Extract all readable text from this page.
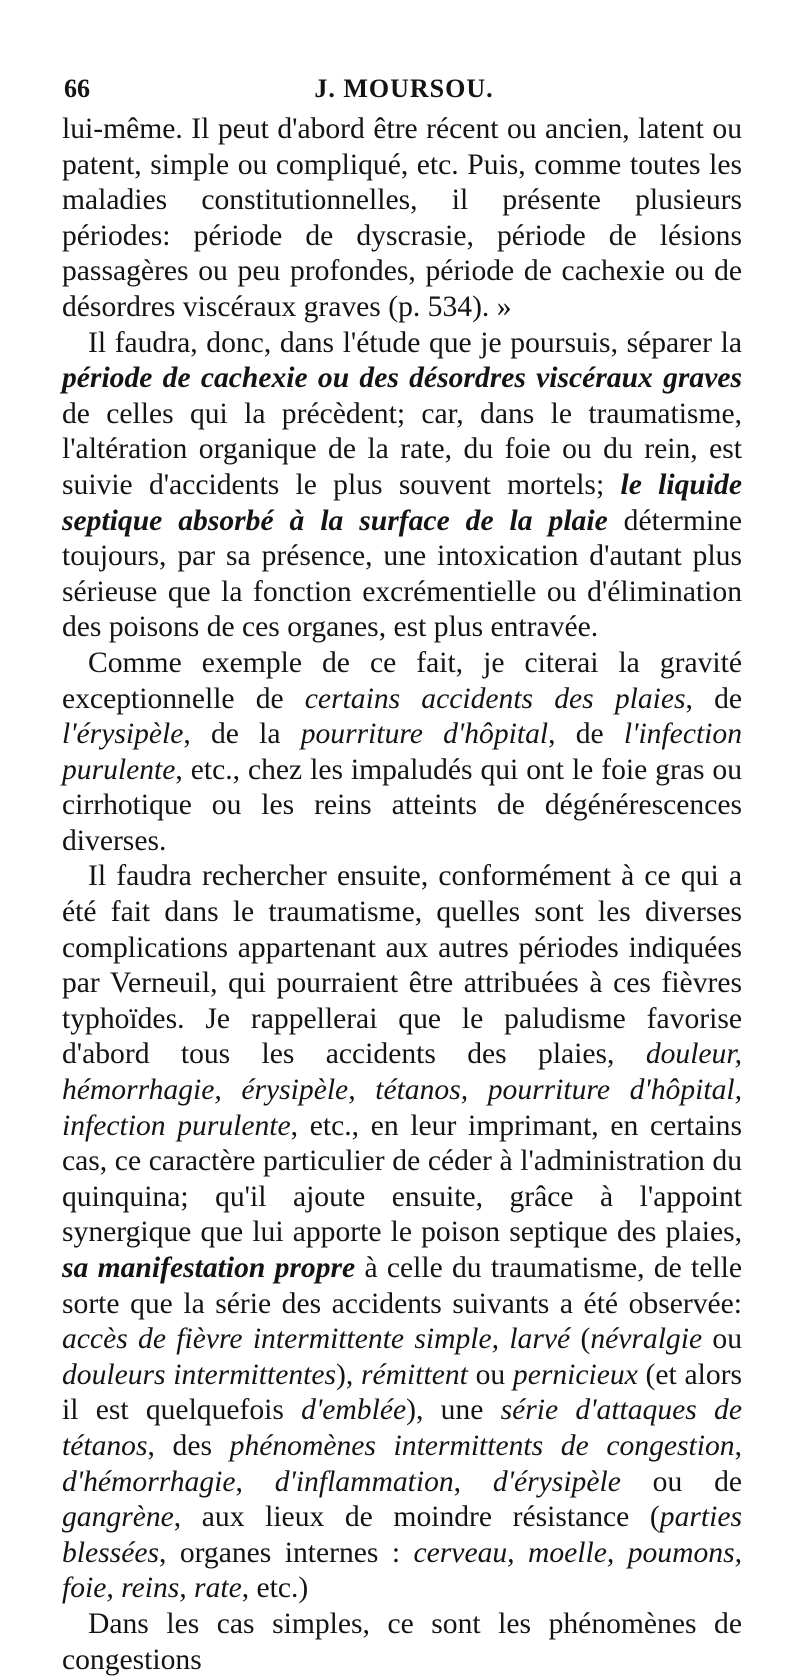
66	J. MOURSOU.

lui-même. Il peut d'abord être récent ou ancien, latent ou patent, simple ou compliqué, etc. Puis, comme toutes les maladies constitutionnelles, il présente plusieurs périodes: période de dyscrasie, période de lésions passagères ou peu profondes, période de cachexie ou de désordres viscéraux graves (p. 534). »

Il faudra, donc, dans l'étude que je poursuis, séparer la période de cachexie ou des désordres viscéraux graves de celles qui la précèdent; car, dans le traumatisme, l'altération organique de la rate, du foie ou du rein, est suivie d'accidents le plus souvent mortels; le liquide septique absorbé à la surface de la plaie détermine toujours, par sa présence, une intoxication d'autant plus sérieuse que la fonction excrémentielle ou d'élimination des poisons de ces organes, est plus entravée.

Comme exemple de ce fait, je citerai la gravité exceptionnelle de certains accidents des plaies, de l'érysipèle, de la pourriture d'hôpital, de l'infection purulente, etc., chez les impaludés qui ont le foie gras ou cirrhotique ou les reins atteints de dégénérescences diverses.

Il faudra rechercher ensuite, conformément à ce qui a été fait dans le traumatisme, quelles sont les diverses complications appartenant aux autres périodes indiquées par Verneuil, qui pourraient être attribuées à ces fièvres typhoïdes. Je rappellerai que le paludisme favorise d'abord tous les accidents des plaies, douleur, hémorrhagie, érysipèle, tétanos, pourriture d'hôpital, infection purulente, etc., en leur imprimant, en certains cas, ce caractère particulier de céder à l'administration du quinquina; qu'il ajoute ensuite, grâce à l'appoint synergique que lui apporte le poison septique des plaies, sa manifestation propre à celle du traumatisme, de telle sorte que la série des accidents suivants a été observée: accès de fièvre intermittente simple, larvé (névralgie ou douleurs intermittentes), rémittent ou pernicieux (et alors il est quelquefois d'emblée), une série d'attaques de tétanos, des phénomènes intermittents de congestion, d'hémorrhagie, d'inflammation, d'érysipèle ou de gangrène, aux lieux de moindre résistance (parties blessées, organes internes : cerveau, moelle, poumons, foie, reins, rate, etc.)

Dans les cas simples, ce sont les phénomènes de congestions
